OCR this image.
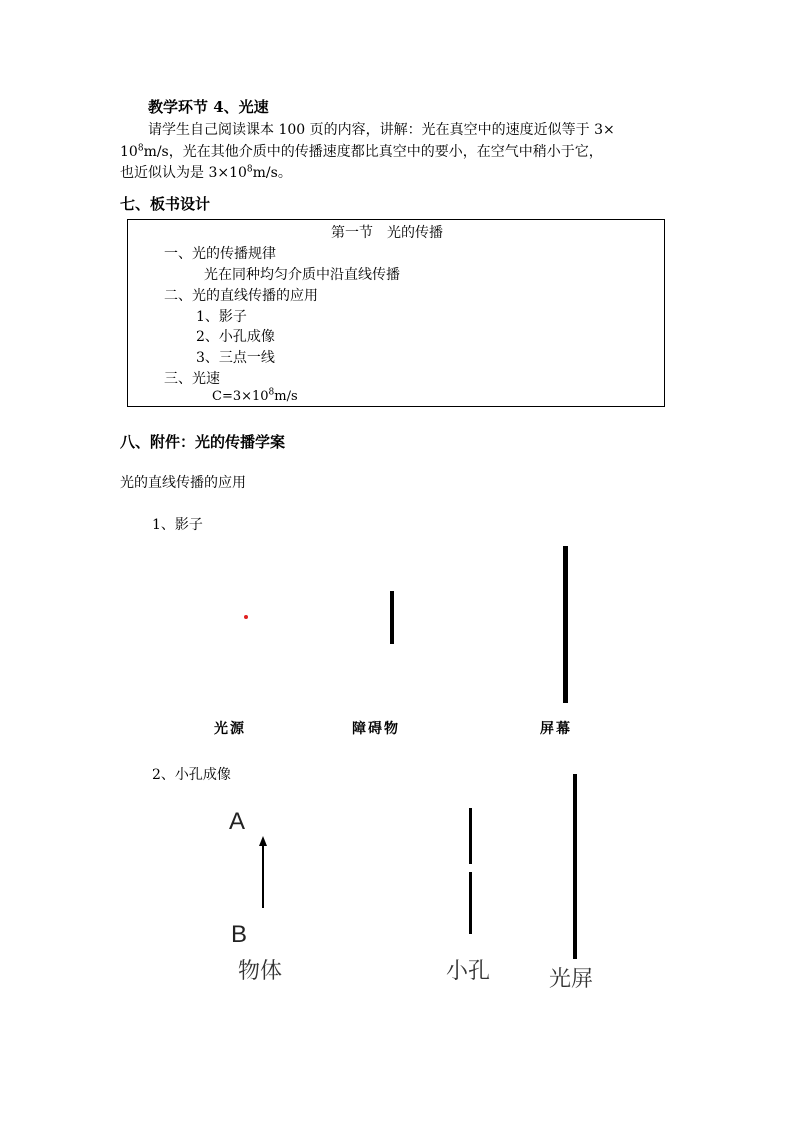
教学环节 4、光速
请学生自己阅读课本 100 页的内容，讲解：光在真空中的速度近似等于 3×
$10^8m/s$，光在其他介质中的传播速度都比真空中的要小，在空气中稍小于它，
也近似认为是 $3\times 10^8m/s$。
七、板书设计
第一节　光的传播
一、光的传播规律
光在同种均匀介质中沿直线传播
二、光的直线传播的应用
1、影子
2、小孔成像
3、三点一线
三、光速
$C=3\times 10^8m/s$
八、附件：光的传播学案
光的直线传播的应用
1、影子
光源	障碍物	屏幕
2、小孔成像
A
B
物体	小孔	光屏
